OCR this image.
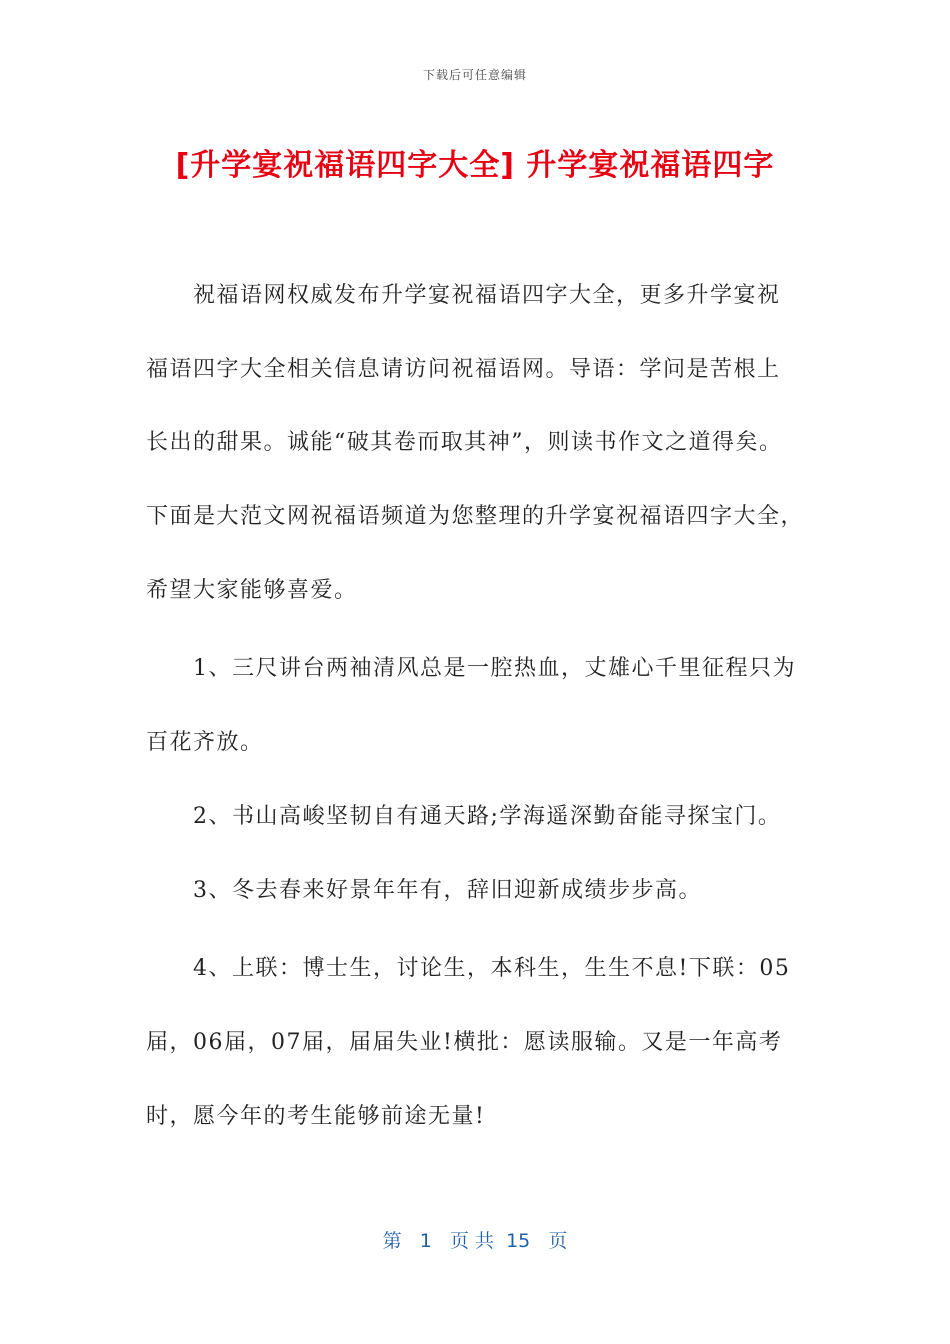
下载后可任意编辑
[升学宴祝福语四字大全] 升学宴祝福语四字
　　祝福语网权威发布升学宴祝福语四字大全，更多升学宴祝
福语四字大全相关信息请访问祝福语网。导语：学问是苦根上
长出的甜果。诚能“破其卷而取其神”，则读书作文之道得矣。
下面是大范文网祝福语频道为您整理的升学宴祝福语四字大全，
希望大家能够喜爱。
　　1、三尺讲台两袖清风总是一腔热血，丈雄心千里征程只为
百花齐放。
　　2、书山高峻坚韧自有通天路;学海遥深勤奋能寻探宝门。
　　3、冬去春来好景年年有，辞旧迎新成绩步步高。
　　4、上联：博士生，讨论生，本科生，生生不息!下联：05
届，06届，07届，届届失业!横批：愿读服输。又是一年高考
时，愿今年的考生能够前途无量!
第 1 页 共 15 页
